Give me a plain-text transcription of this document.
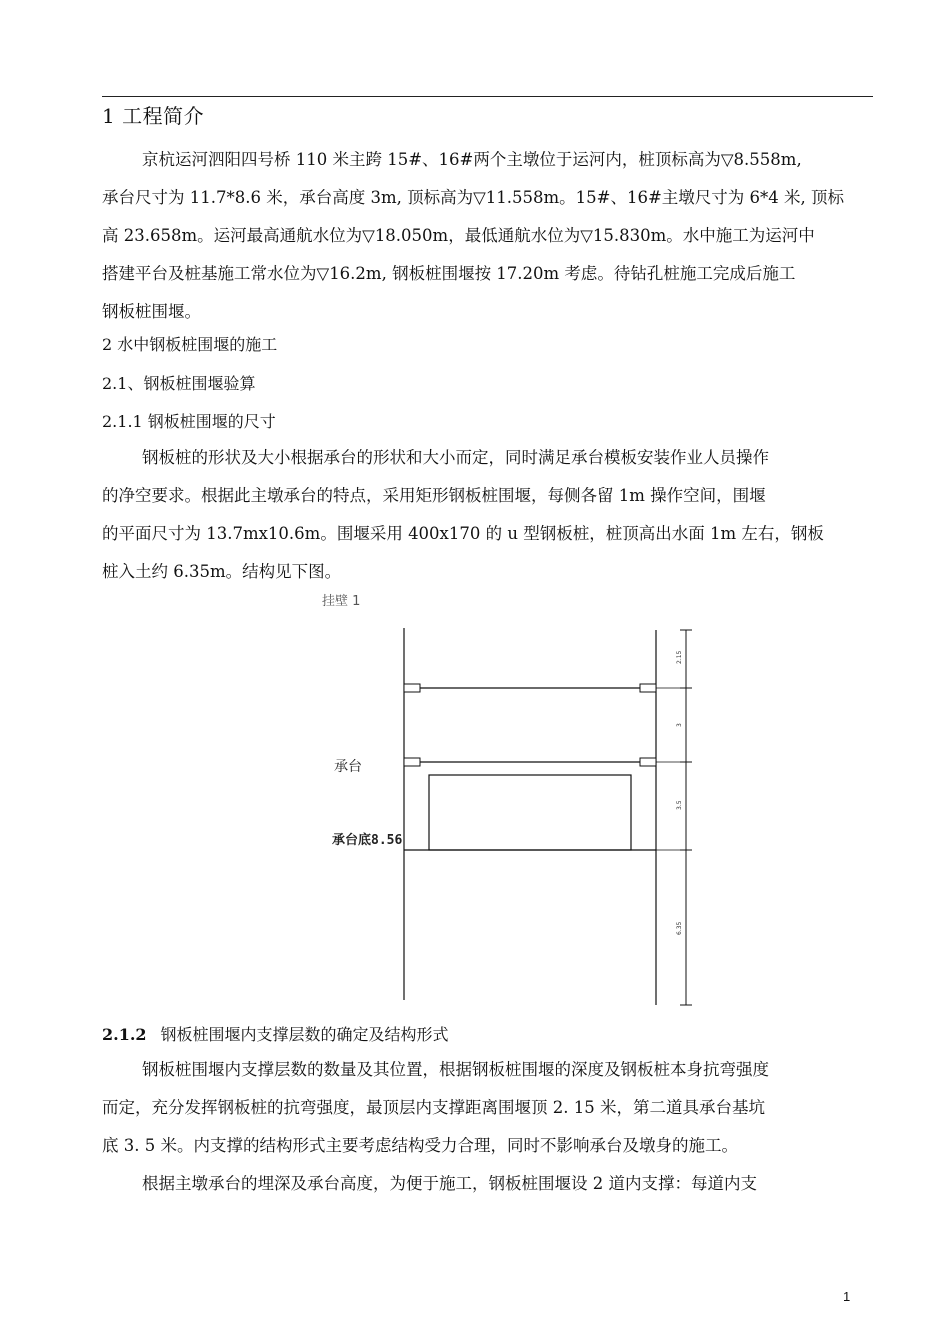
1 工程简介
京杭运河泗阳四号桥 110 米主跨 15#、16#两个主墩位于运河内，桩顶标高为▽8.558m,
承台尺寸为 11.7*8.6 米，承台高度 3m, 顶标高为▽11.558m。15#、16#主墩尺寸为 6*4 米, 顶标
高 23.658m。运河最高通航水位为▽18.050m，最低通航水位为▽15.830m。水中施工为运河中
搭建平台及桩基施工常水位为▽16.2m, 钢板桩围堰按 17.20m 考虑。待钻孔桩施工完成后施工
钢板桩围堰。

2 水中钢板桩围堰的施工

2.1、钢板桩围堰验算

2.1.1 钢板桩围堰的尺寸

钢板桩的形状及大小根据承台的形状和大小而定，同时满足承台模板安装作业人员操作
的净空要求。根据此主墩承台的特点，采用矩形钢板桩围堰，每侧各留 1m 操作空间，围堰
的平面尺寸为 13.7mx10.6m。围堰采用 400x170 的 u 型钢板桩，桩顶高出水面 1m 左右，钢板
桩入土约 6.35m。结构见下图。
挂壁 1
承台
承台底8.56
2.15
3
3.5
6.35

2.1.2 钢板桩围堰内支撑层数的确定及结构形式

钢板桩围堰内支撑层数的数量及其位置，根据钢板桩围堰的深度及钢板桩本身抗弯强度
而定，充分发挥钢板桩的抗弯强度，最顶层内支撑距离围堰顶 2. 15 米，第二道具承台基坑
底 3. 5 米。内支撑的结构形式主要考虑结构受力合理，同时不影响承台及墩身的施工。
根据主墩承台的埋深及承台高度，为便于施工，钢板桩围堰设 2 道内支撑：每道内支
1
